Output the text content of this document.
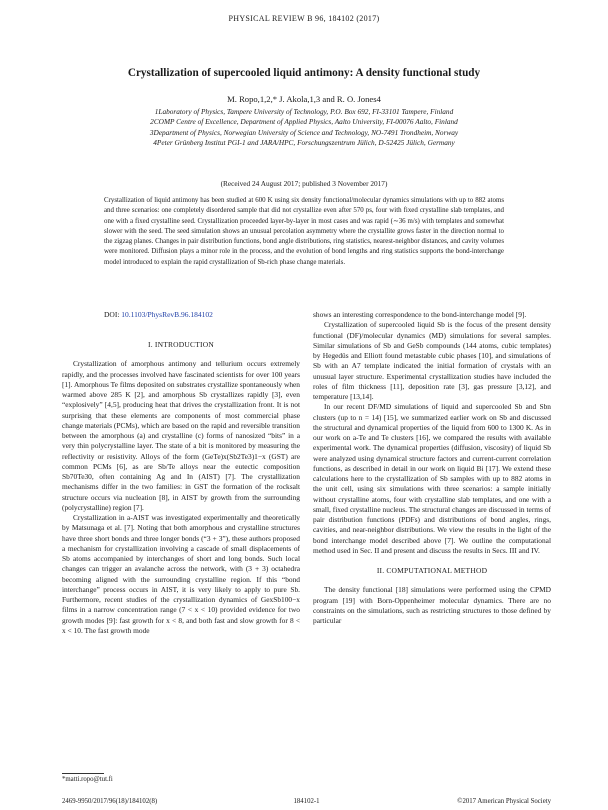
PHYSICAL REVIEW B 96, 184102 (2017)
Crystallization of supercooled liquid antimony: A density functional study
M. Ropo,1,2,* J. Akola,1,3 and R. O. Jones4
1Laboratory of Physics, Tampere University of Technology, P.O. Box 692, FI-33101 Tampere, Finland
2COMP Centre of Excellence, Department of Applied Physics, Aalto University, FI-00076 Aalto, Finland
3Department of Physics, Norwegian University of Science and Technology, NO-7491 Trondheim, Norway
4Peter Grünberg Institut PGI-1 and JARA/HPC, Forschungszentrum Jülich, D-52425 Jülich, Germany
(Received 24 August 2017; published 3 November 2017)
Crystallization of liquid antimony has been studied at 600 K using six density functional/molecular dynamics simulations with up to 882 atoms and three scenarios: one completely disordered sample that did not crystallize even after 570 ps, four with fixed crystalline slab templates, and one with a fixed crystalline seed. Crystallization proceeded layer-by-layer in most cases and was rapid (∼36 m/s) with templates and somewhat slower with the seed. The seed simulation shows an unusual percolation asymmetry where the crystallite grows faster in the direction normal to the zigzag planes. Changes in pair distribution functions, bond angle distributions, ring statistics, nearest-neighbor distances, and cavity volumes were monitored. Diffusion plays a minor role in the process, and the evolution of bond lengths and ring statistics supports the bond-interchange model introduced to explain the rapid crystallization of Sb-rich phase change materials.
DOI: 10.1103/PhysRevB.96.184102
I. INTRODUCTION

Crystallization of amorphous antimony and tellurium occurs extremely rapidly, and the processes involved have fascinated scientists for over 100 years [1]. Amorphous Te films deposited on substrates crystallize spontaneously when warmed above 285 K [2], and amorphous Sb crystallizes rapidly [3], even “explosively” [4,5], producing heat that drives the crystallization front. It is not surprising that these elements are components of most commercial phase change materials (PCMs), which are based on the rapid and reversible transition between the amorphous (a) and crystalline (c) forms of nanosized “bits” in a very thin polycrystalline layer. The state of a bit is monitored by measuring the reflectivity or resistivity. Alloys of the form (GeTe)x(Sb2Te3)1−x (GST) are common PCMs [6], as are Sb/Te alloys near the eutectic composition Sb70Te30, often containing Ag and In (AIST) [7]. The crystallization mechanisms differ in the two families: in GST the formation of the rocksalt structure occurs via nucleation [8], in AIST by growth from the surrounding (polycrystalline) region [7].

Crystallization in a-AIST was investigated experimentally and theoretically by Matsunaga et al. [7]. Noting that both amorphous and crystalline structures have three short bonds and three longer bonds (“3 + 3”), these authors proposed a mechanism for crystallization involving a cascade of small displacements of Sb atoms accompanied by interchanges of short and long bonds. Such local changes can trigger an avalanche across the network, with (3 + 3) octahedra becoming aligned with the surrounding crystalline region. If this “bond interchange” process occurs in AIST, it is very likely to apply to pure Sb. Furthermore, recent studies of the crystallization dynamics of GexSb100−x films in a narrow concentration range (7 < x < 10) provided evidence for two growth modes [9]: fast growth for x < 8, and both fast and slow growth for 8 < x < 10. The fast growth mode

shows an interesting correspondence to the bond-interchange model [9].

Crystallization of supercooled liquid Sb is the focus of the present density functional (DF)/molecular dynamics (MD) simulations for several samples. Similar simulations of Sb and GeSb compounds (144 atoms, cubic templates) by Hegedüs and Elliott found metastable cubic phases [10], and simulations of Sb with an A7 template indicated the initial formation of crystals with an unusual layer structure. Experimental crystallization studies have included the roles of film thickness [11], deposition rate [3], gas pressure [3,12], and temperature [13,14].

In our recent DF/MD simulations of liquid and supercooled Sb and Sbn clusters (up to n = 14) [15], we summarized earlier work on Sb and discussed the structural and dynamical properties of the liquid from 600 to 1300 K. As in our work on a-Te and Te clusters [16], we compared the results with available experimental work. The dynamical properties (diffusion, viscosity) of liquid Sb were analyzed using dynamical structure factors and current-current correlation functions, as described in detail in our work on liquid Bi [17]. We extend these calculations here to the crystallization of Sb samples with up to 882 atoms in the unit cell, using six simulations with three scenarios: a sample initially without crystalline atoms, four with crystalline slab templates, and one with a small, fixed crystalline nucleus. The structural changes are discussed in terms of pair distribution functions (PDFs) and distributions of bond angles, rings, cavities, and near-neighbor distributions. We view the results in the light of the bond interchange model described above [7]. We outline the computational method used in Sec. II and present and discuss the results in Secs. III and IV.

II. COMPUTATIONAL METHOD

The density functional [18] simulations were performed using the CPMD program [19] with Born-Oppenheimer molecular dynamics. There are no constraints on the simulations, such as restricting structures to those defined by particular

*matti.ropo@tut.fi
2469-9950/2017/96(18)/184102(8)	184102-1	©2017 American Physical Society
